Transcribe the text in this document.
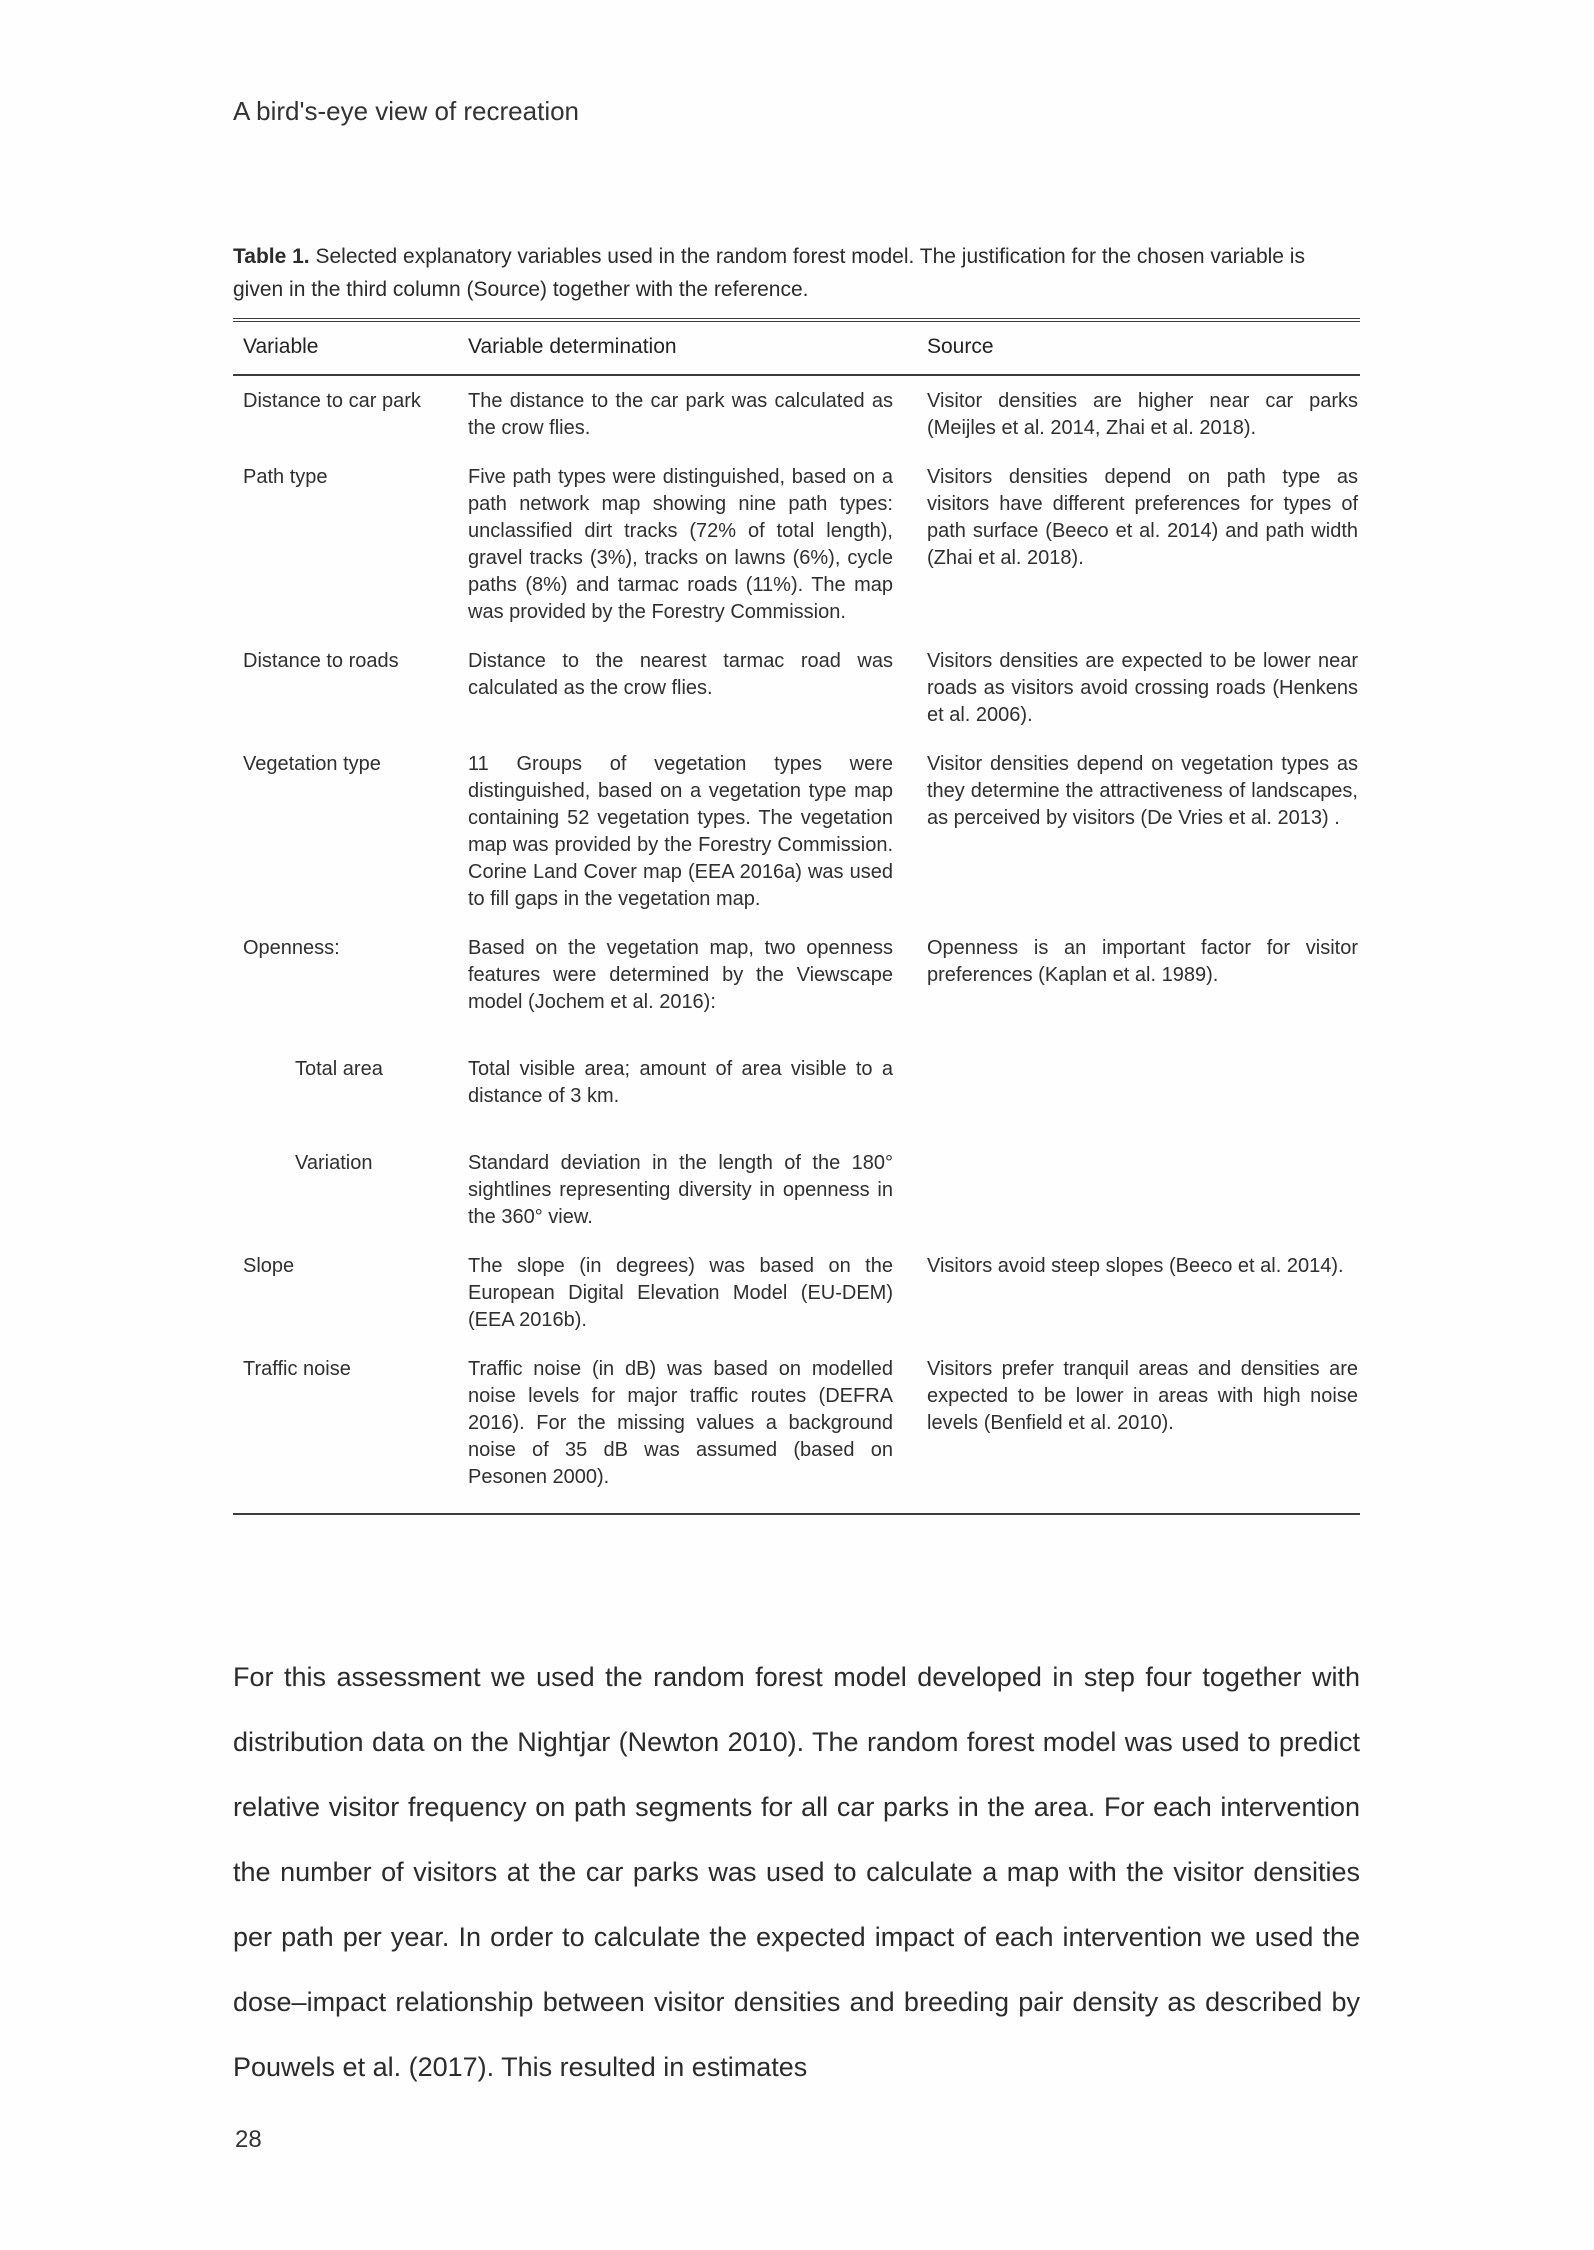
A bird's-eye view of recreation

Table 1. Selected explanatory variables used in the random forest model. The justification for the chosen variable is given in the third column (Source) together with the reference.

Variable	Variable determination	Source
Distance to car park	The distance to the car park was calculated as the crow flies.	Visitor densities are higher near car parks (Meijles et al. 2014, Zhai et al. 2018).
Path type	Five path types were distinguished, based on a path network map showing nine path types: unclassified dirt tracks (72% of total length), gravel tracks (3%), tracks on lawns (6%), cycle paths (8%) and tarmac roads (11%). The map was provided by the Forestry Commission.	Visitors densities depend on path type as visitors have different preferences for types of path surface (Beeco et al. 2014) and path width (Zhai et al. 2018).
Distance to roads	Distance to the nearest tarmac road was calculated as the crow flies.	Visitors densities are expected to be lower near roads as visitors avoid crossing roads (Henkens et al. 2006).
Vegetation type	11 Groups of vegetation types were distinguished, based on a vegetation type map containing 52 vegetation types. The vegetation map was provided by the Forestry Commission. Corine Land Cover map (EEA 2016a) was used to fill gaps in the vegetation map.	Visitor densities depend on vegetation types as they determine the attractiveness of landscapes, as perceived by visitors (De Vries et al. 2013) .
Openness:	Based on the vegetation map, two openness features were determined by the Viewscape model (Jochem et al. 2016):	Openness is an important factor for visitor preferences (Kaplan et al. 1989).
Total area	Total visible area; amount of area visible to a distance of 3 km.	
Variation	Standard deviation in the length of the 180° sightlines representing diversity in openness in the 360° view.	
Slope	The slope (in degrees) was based on the European Digital Elevation Model (EU-DEM) (EEA 2016b).	Visitors avoid steep slopes (Beeco et al. 2014).
Traffic noise	Traffic noise (in dB) was based on modelled noise levels for major traffic routes (DEFRA 2016). For the missing values a background noise of 35 dB was assumed (based on Pesonen 2000).	Visitors prefer tranquil areas and densities are expected to be lower in areas with high noise levels (Benfield et al. 2010).

For this assessment we used the random forest model developed in step four together with distribution data on the Nightjar (Newton 2010). The random forest model was used to predict relative visitor frequency on path segments for all car parks in the area. For each intervention the number of visitors at the car parks was used to calculate a map with the visitor densities per path per year. In order to calculate the expected impact of each intervention we used the dose–impact relationship between visitor densities and breeding pair density as described by Pouwels et al. (2017). This resulted in estimates

28
